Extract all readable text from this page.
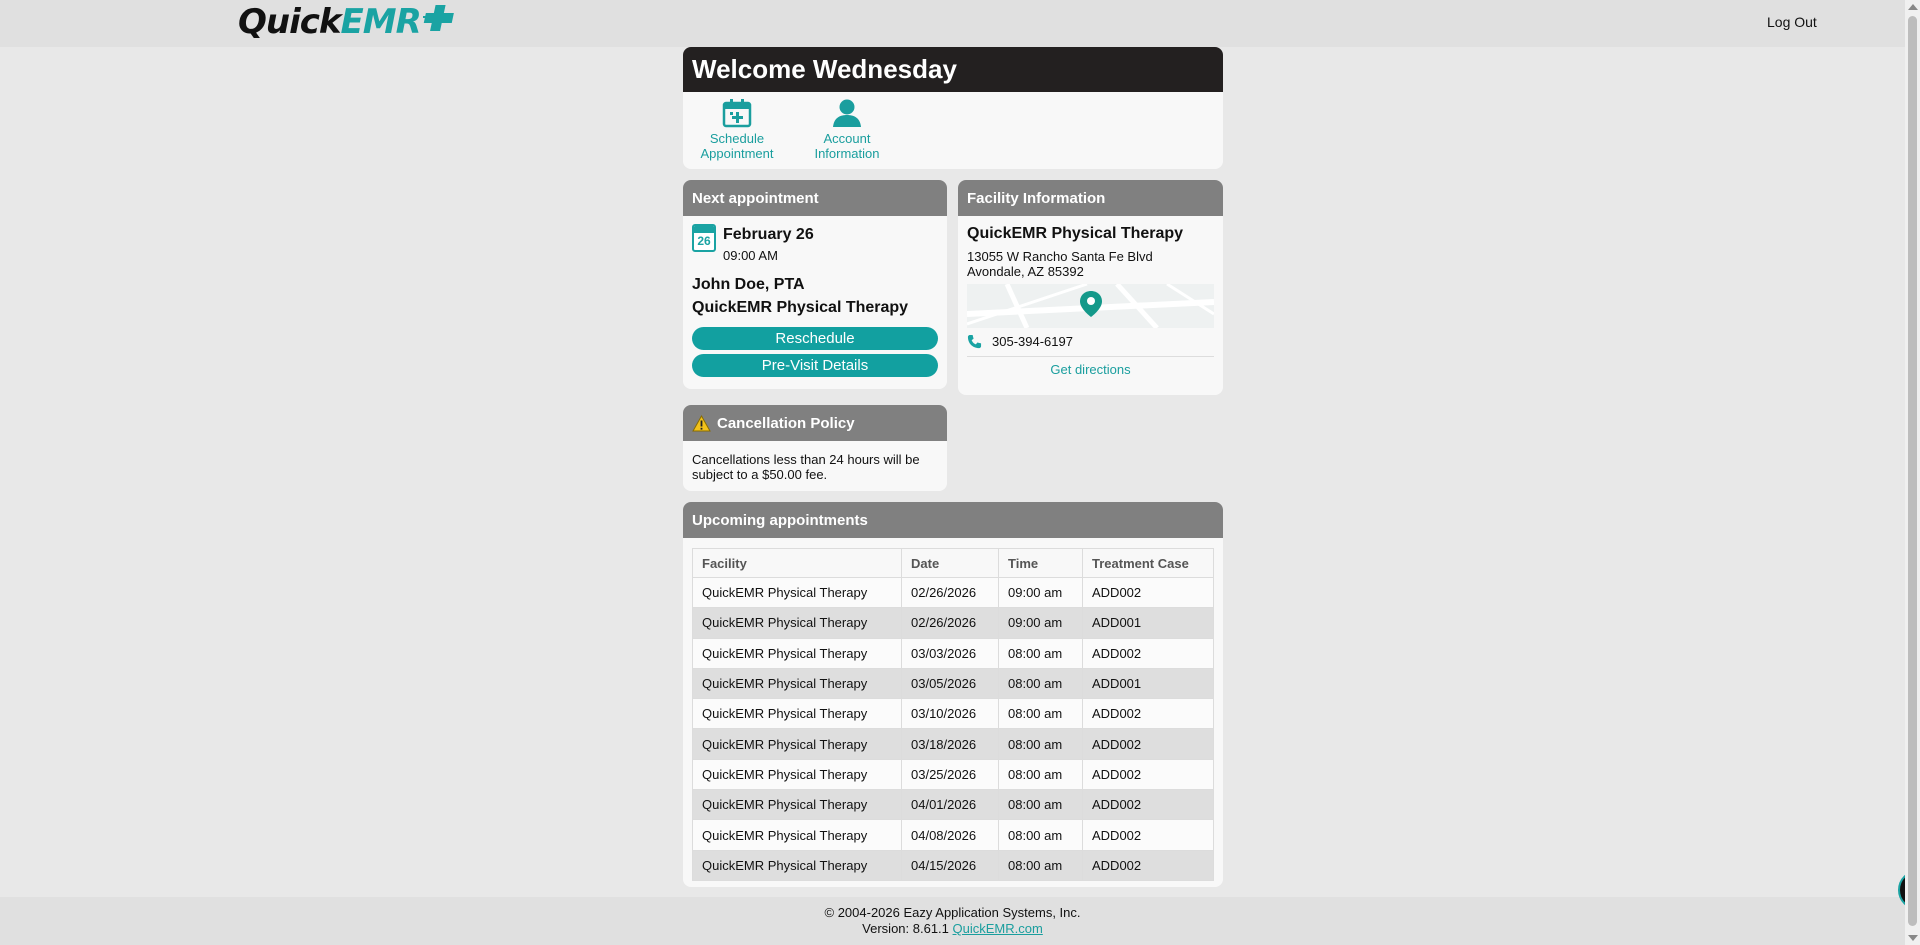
Quick EMR	Log Out
Welcome Wednesday
Schedule
Appointment
Account
Information
Next appointment
26 February 26
09:00 AM
John Doe, PTA
QuickEMR Physical Therapy
Reschedule
Pre-Visit Details
Facility Information
QuickEMR Physical Therapy
13055 W Rancho Santa Fe Blvd
Avondale, AZ 85392
305-394-6197
Get directions
Cancellation Policy
Cancellations less than 24 hours will be subject to a $50.00 fee.
Upcoming appointments
Facility	Date	Time	Treatment Case
QuickEMR Physical Therapy	02/26/2026	09:00 am	ADD002
QuickEMR Physical Therapy	02/26/2026	09:00 am	ADD001
QuickEMR Physical Therapy	03/03/2026	08:00 am	ADD002
QuickEMR Physical Therapy	03/05/2026	08:00 am	ADD001
QuickEMR Physical Therapy	03/10/2026	08:00 am	ADD002
QuickEMR Physical Therapy	03/18/2026	08:00 am	ADD002
QuickEMR Physical Therapy	03/25/2026	08:00 am	ADD002
QuickEMR Physical Therapy	04/01/2026	08:00 am	ADD002
QuickEMR Physical Therapy	04/08/2026	08:00 am	ADD002
QuickEMR Physical Therapy	04/15/2026	08:00 am	ADD002
© 2004-2026 Eazy Application Systems, Inc.
Version: 8.61.1 QuickEMR.com
